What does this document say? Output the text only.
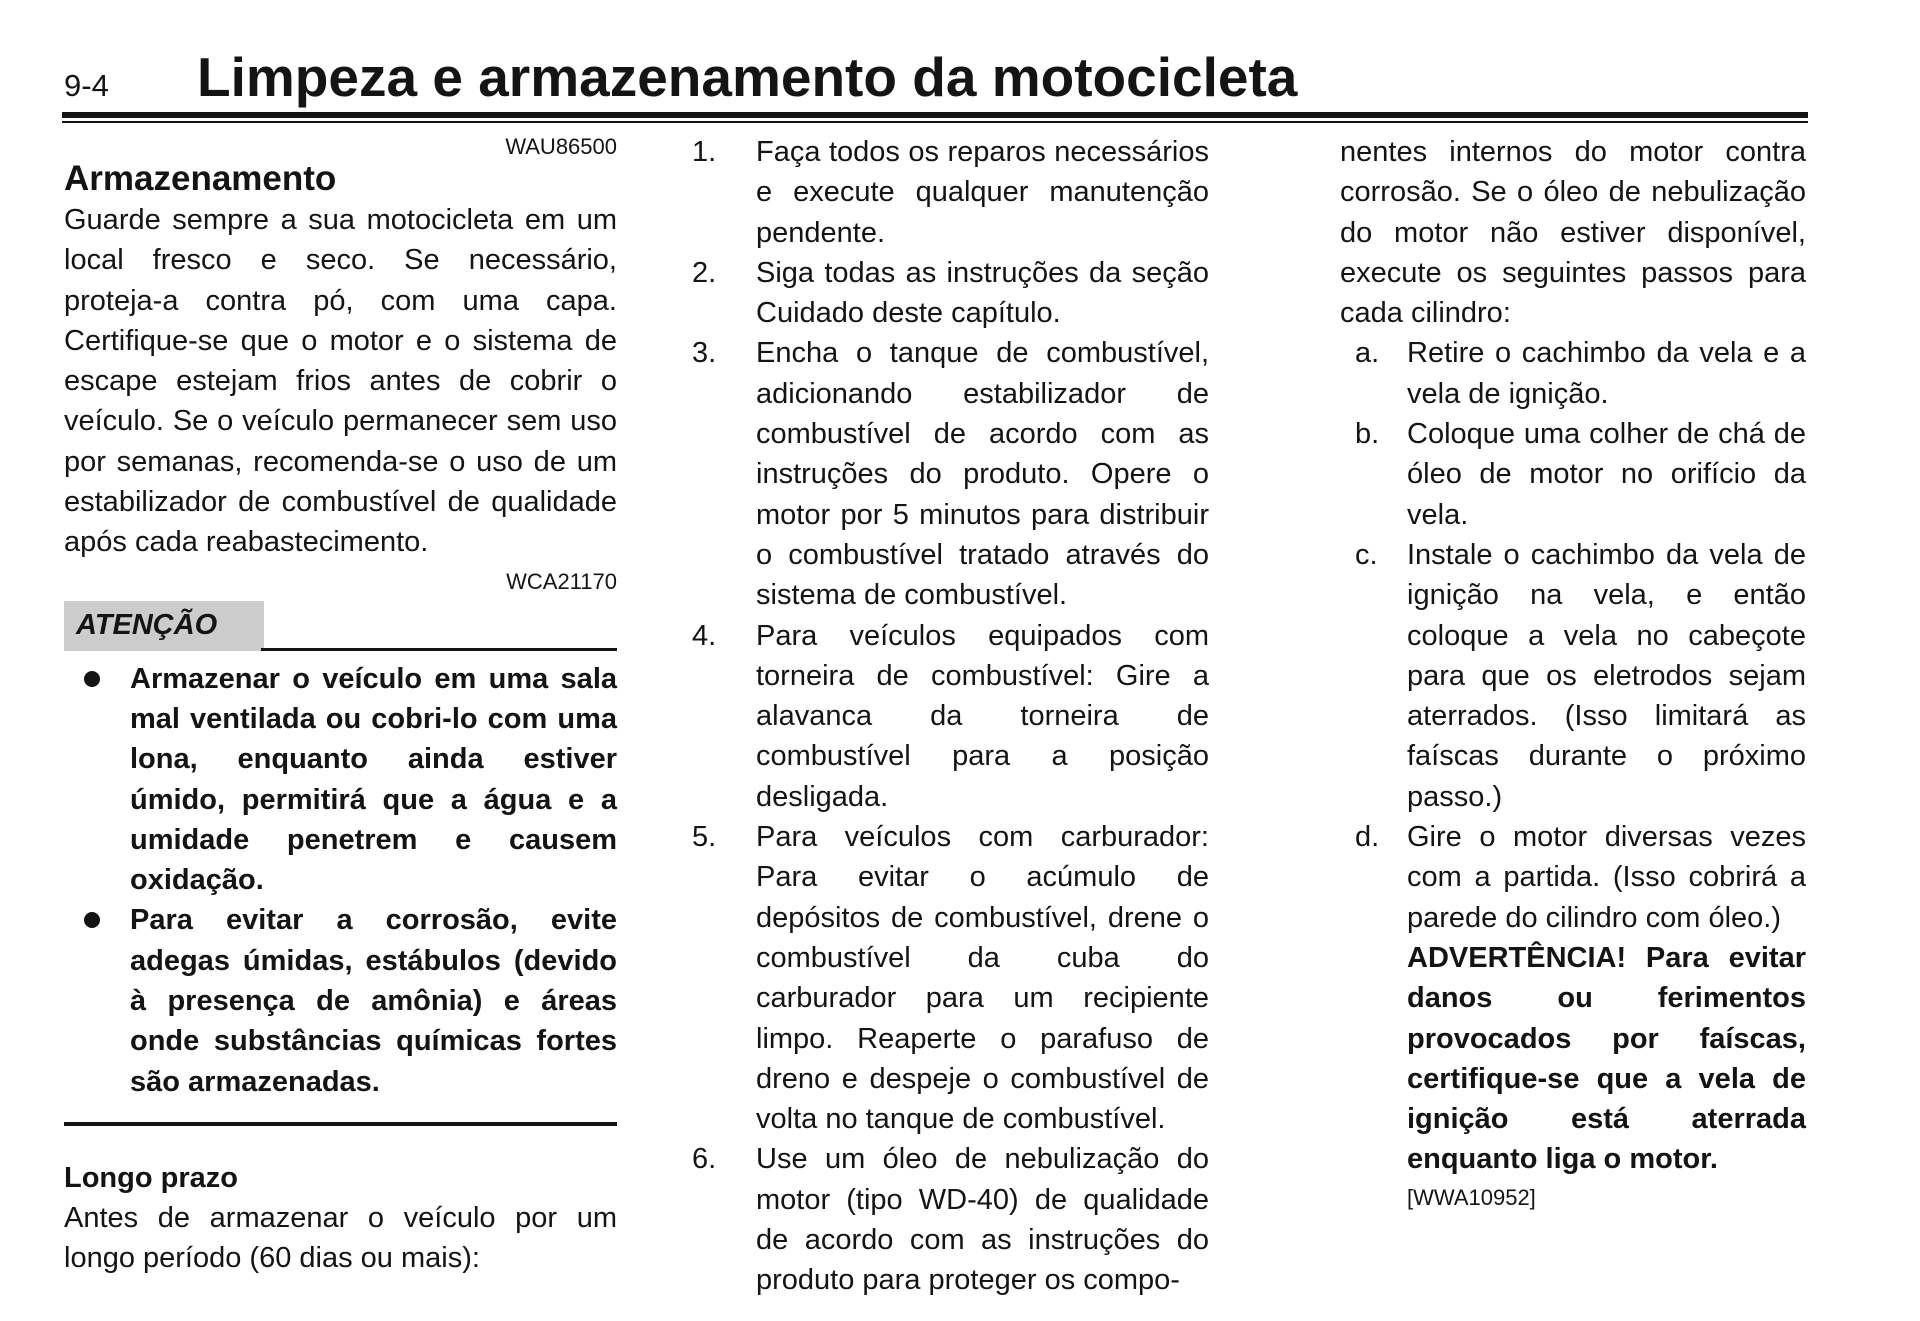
9-4 Limpeza e armazenamento da motocicleta
WAU86500
Armazenamento

Guarde sempre a sua motocicleta em um local fresco e seco. Se necessário, proteja-a contra pó, com uma capa. Certifique-se que o motor e o sistema de escape estejam frios antes de cobrir o veículo. Se o veículo permanecer sem uso por semanas, recomenda-se o uso de um estabilizador de combustível de qualidade após cada reabastecimento.

WCA21170
ATENÇÃO
Armazenar o veículo em uma sala mal ventilada ou cobri-lo com uma lona, enquanto ainda estiver úmido, permitirá que a água e a umidade penetrem e causem oxidação.
Para evitar a corrosão, evite adegas úmidas, estábulos (devido à presença de amônia) e áreas onde substâncias químicas fortes são armazenadas.
Longo prazo

Antes de armazenar o veículo por um longo período (60 dias ou mais):

1.	Faça todos os reparos necessários e execute qualquer manutenção pendente.
2.	Siga todas as instruções da seção Cuidado deste capítulo.
3.	Encha o tanque de combustível, adicionando estabilizador de combustível de acordo com as instruções do produto. Opere o motor por 5 minutos para distribuir o combustível tratado através do sistema de combustível.
4.	Para veículos equipados com torneira de combustível: Gire a alavanca da torneira de combustível para a posição desligada.
5.	Para veículos com carburador: Para evitar o acúmulo de depósitos de combustível, drene o combustível da cuba do carburador para um recipiente limpo. Reaperte o parafuso de dreno e despeje o combustível de volta no tanque de combustível.
6.	Use um óleo de nebulização do motor (tipo WD-40) de qualidade de acordo com as instruções do produto para proteger os compo-

nentes internos do motor contra corrosão. Se o óleo de nebulização do motor não estiver disponível, execute os seguintes passos para cada cilindro:

a. Retire o cachimbo da vela e a vela de ignição.
b. Coloque uma colher de chá de óleo de motor no orifício da vela.
c.	Instale o cachimbo da vela de ignição na vela, e então coloque a vela no cabeçote para que os eletrodos sejam aterrados. (Isso limitará as faíscas durante o próximo passo.)
d. Gire o motor diversas vezes com a partida. (Isso cobrirá a parede do cilindro com óleo.)
ADVERTÊNCIA! Para evitar danos ou ferimentos provocados por faíscas, certifique-se que a vela de ignição está aterrada enquanto liga o motor.
[WWA10952]
